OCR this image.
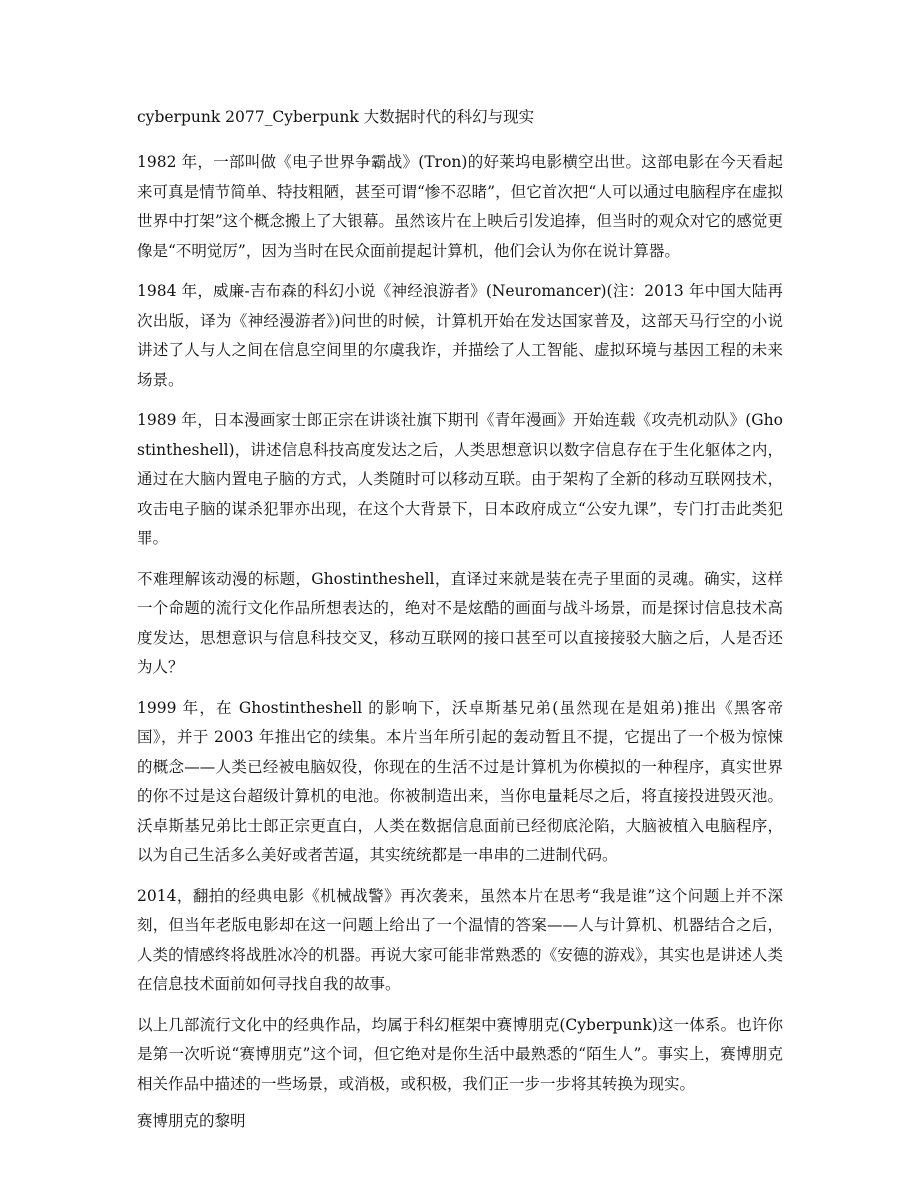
cyberpunk 2077_Cyberpunk 大数据时代的科幻与现实

1982 年，一部叫做《电子世界争霸战》(Tron)的好莱坞电影横空出世。这部电影在今天看起来可真是情节简单、特技粗陋，甚至可谓“惨不忍睹”，但它首次把“人可以通过电脑程序在虚拟世界中打架”这个概念搬上了大银幕。虽然该片在上映后引发追捧，但当时的观众对它的感觉更像是“不明觉厉”，因为当时在民众面前提起计算机，他们会认为你在说计算器。

1984 年，威廉-吉布森的科幻小说《神经浪游者》(Neuromancer)(注：2013 年中国大陆再次出版，译为《神经漫游者》)问世的时候，计算机开始在发达国家普及，这部天马行空的小说讲述了人与人之间在信息空间里的尔虞我诈，并描绘了人工智能、虚拟环境与基因工程的未来场景。

1989 年，日本漫画家士郎正宗在讲谈社旗下期刊《青年漫画》开始连载《攻壳机动队》(Ghostintheshell)，讲述信息科技高度发达之后，人类思想意识以数字信息存在于生化躯体之内，通过在大脑内置电子脑的方式，人类随时可以移动互联。由于架构了全新的移动互联网技术，攻击电子脑的谋杀犯罪亦出现，在这个大背景下，日本政府成立“公安九课”，专门打击此类犯罪。

不难理解该动漫的标题，Ghostintheshell，直译过来就是装在壳子里面的灵魂。确实，这样一个命题的流行文化作品所想表达的，绝对不是炫酷的画面与战斗场景，而是探讨信息技术高度发达，思想意识与信息科技交叉，移动互联网的接口甚至可以直接接驳大脑之后，人是否还为人？

1999 年，在 Ghostintheshell 的影响下，沃卓斯基兄弟(虽然现在是姐弟)推出《黑客帝国》，并于 2003 年推出它的续集。本片当年所引起的轰动暂且不提，它提出了一个极为惊悚的概念——人类已经被电脑奴役，你现在的生活不过是计算机为你模拟的一种程序，真实世界的你不过是这台超级计算机的电池。你被制造出来，当你电量耗尽之后，将直接投进毁灭池。沃卓斯基兄弟比士郎正宗更直白，人类在数据信息面前已经彻底沦陷，大脑被植入电脑程序，以为自己生活多么美好或者苦逼，其实统统都是一串串的二进制代码。

2014，翻拍的经典电影《机械战警》再次袭来，虽然本片在思考“我是谁”这个问题上并不深刻，但当年老版电影却在这一问题上给出了一个温情的答案——人与计算机、机器结合之后，人类的情感终将战胜冰冷的机器。再说大家可能非常熟悉的《安德的游戏》，其实也是讲述人类在信息技术面前如何寻找自我的故事。

以上几部流行文化中的经典作品，均属于科幻框架中赛博朋克(Cyberpunk)这一体系。也许你是第一次听说“赛博朋克”这个词，但它绝对是你生活中最熟悉的“陌生人”。事实上，赛博朋克相关作品中描述的一些场景，或消极，或积极，我们正一步一步将其转换为现实。

赛博朋克的黎明
